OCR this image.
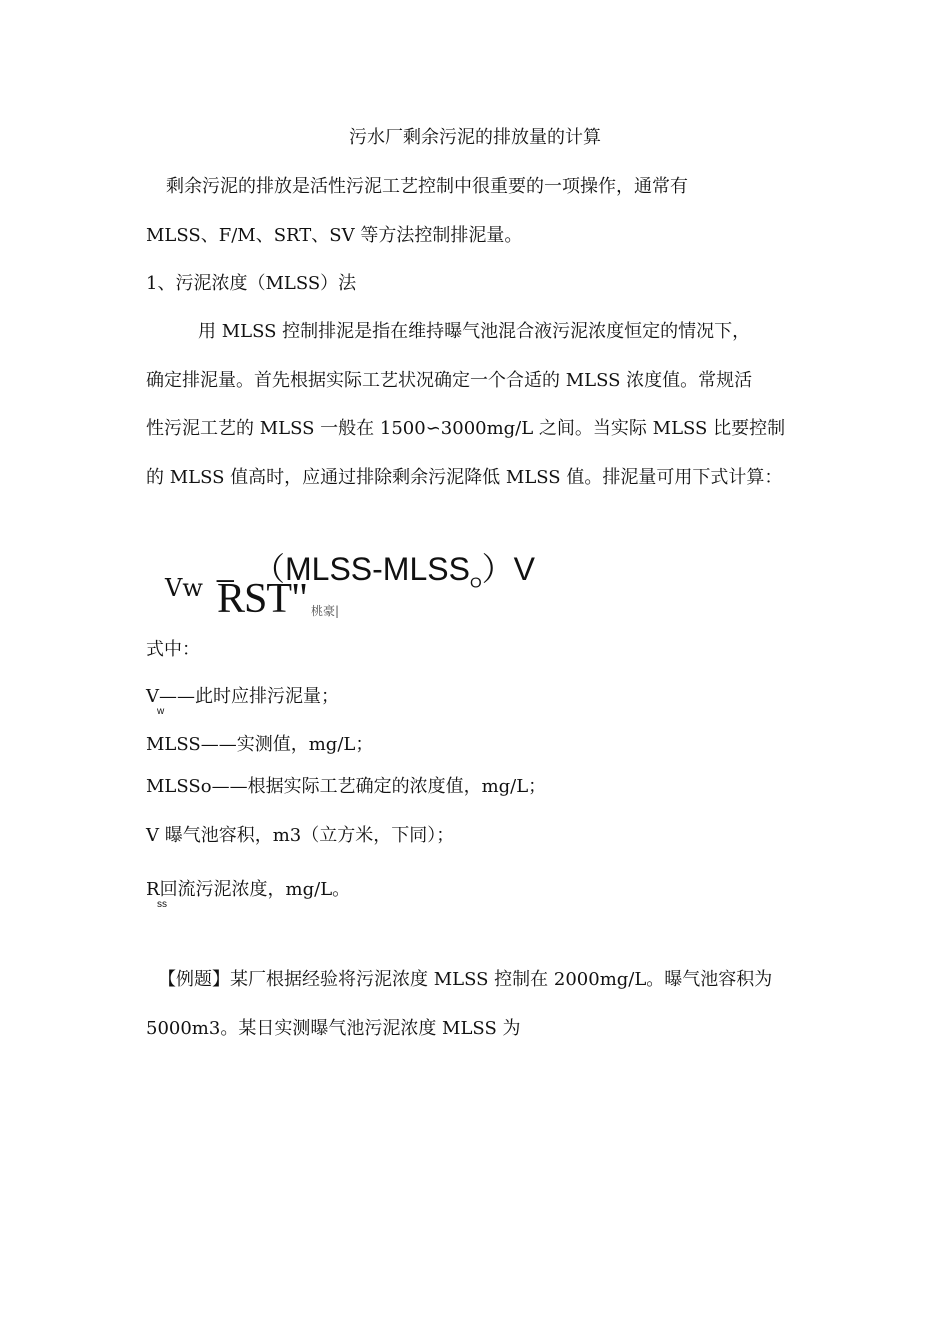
污水厂剩余污泥的排放量的计算
剩余污泥的排放是活性污泥工艺控制中很重要的一项操作，通常有
MLSS、F/M、SRT、SV 等方法控制排泥量。
1、污泥浓度（MLSS）法
用 MLSS 控制排泥是指在维持曝气池混合液污泥浓度恒定的情况下，
确定排泥量。首先根据实际工艺状况确定一个合适的 MLSS 浓度值。常规活
性污泥工艺的 MLSS 一般在 1500∽3000mg/L 之间。当实际 MLSS 比要控制
的 MLSS 值高时，应通过排除剩余污泥降低 MLSS 值。排泥量可用下式计算：
Vw
_ $(MLSS-MLSS_O)V$
RST" 桃豪|
式中：
V——此时应排污泥量；
w
MLSS——实测值，mg/L；
MLSSo——根据实际工艺确定的浓度值，mg/L；
V 曝气池容积，m3（立方米，下同）；
R回流污泥浓度，mg/L。
ss
【例题】某厂根据经验将污泥浓度 MLSS 控制在 2000mg/L。曝气池容积为
5000m3。某日实测曝气池污泥浓度 MLSS 为
